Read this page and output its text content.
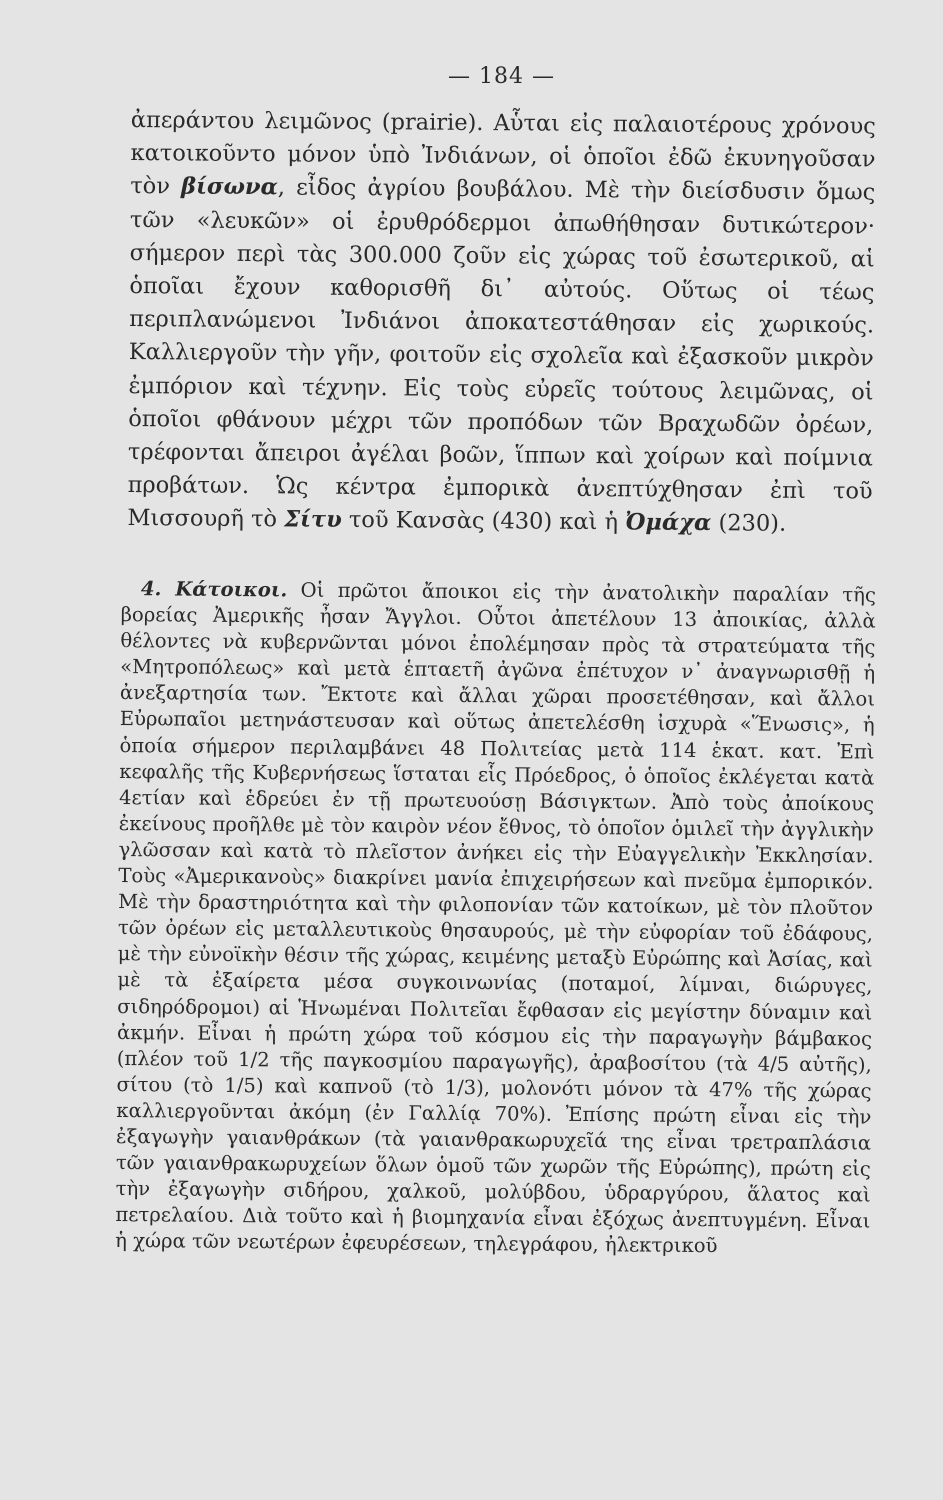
— 184 —
ἀπεράντου λειμῶνος (prairie). Αὗται εἰς παλαιοτέρους χρόνους κατοικοῦντο μόνον ὑπὸ Ἰνδιάνων, οἱ ὁποῖοι ἐδῶ ἐκυνηγοῦσαν τὸν βίσωνα, εἶδος ἀγρίου βουβάλου. Μὲ τὴν διείσδυσιν ὅμως τῶν «λευκῶν» οἱ ἐρυθρόδερμοι ἀπωθήθησαν δυτικώτερον· σήμερον περὶ τὰς 300.000 ζοῦν εἰς χώρας τοῦ ἐσωτερικοῦ, αἱ ὁποῖαι ἔχουν καθορισθῆ δι᾽ αὐτούς. Οὕτως οἱ τέως περιπλανώμενοι Ἰνδιάνοι ἀποκατεστάθησαν εἰς χωρικούς. Καλλιεργοῦν τὴν γῆν, φοιτοῦν εἰς σχολεῖα καὶ ἐξασκοῦν μικρὸν ἐμπόριον καὶ τέχνην. Εἰς τοὺς εὐρεῖς τούτους λειμῶνας, οἱ ὁποῖοι φθάνουν μέχρι τῶν προπόδων τῶν Βραχωδῶν ὀρέων, τρέφονται ἄπειροι ἀγέλαι βοῶν, ἵππων καὶ χοίρων καὶ ποίμνια προβάτων. Ὡς κέντρα ἐμπορικὰ ἀνεπτύχθησαν ἐπὶ τοῦ Μισσουρῆ τὸ Σίτυ τοῦ Κανσὰς (430) καὶ ἡ Ὀμάχα (230).
4. Κάτοικοι. Οἱ πρῶτοι ἄποικοι εἰς τὴν ἀνατολικὴν παραλίαν τῆς βορείας Ἀμερικῆς ἦσαν Ἄγγλοι. Οὗτοι ἀπετέλουν 13 ἀποικίας, ἀλλὰ θέλοντες νὰ κυβερνῶνται μόνοι ἐπολέμησαν πρὸς τὰ στρατεύματα τῆς «Μητροπόλεως» καὶ μετὰ ἑπταετῆ ἀγῶνα ἐπέτυχον ν᾽ ἀναγνωρισθῇ ἡ ἀνεξαρτησία των. Ἔκτοτε καὶ ἄλλαι χῶραι προσετέθησαν, καὶ ἄλλοι Εὐρωπαῖοι μετηνάστευσαν καὶ οὕτως ἀπετελέσθη ἰσχυρὰ «Ἕνωσις», ἡ ὁποία σήμερον περιλαμβάνει 48 Πολιτείας μετὰ 114 ἑκατ. κατ. Ἐπὶ κεφαλῆς τῆς Κυβερνήσεως ἵσταται εἷς Πρόεδρος, ὁ ὁποῖος ἐκλέγεται κατὰ 4ετίαν καὶ ἑδρεύει ἐν τῇ πρωτευούσῃ Βάσιγκτων. Ἀπὸ τοὺς ἀποίκους ἐκείνους προῆλθε μὲ τὸν καιρὸν νέον ἔθνος, τὸ ὁποῖον ὁμιλεῖ τὴν ἀγγλικὴν γλῶσσαν καὶ κατὰ τὸ πλεῖστον ἀνήκει εἰς τὴν Εὐαγγελικὴν Ἐκκλησίαν. Τοὺς «Ἀμερικανοὺς» διακρίνει μανία ἐπιχειρήσεων καὶ πνεῦμα ἐμπορικόν. Μὲ τὴν δραστηριότητα καὶ τὴν φιλοπονίαν τῶν κατοίκων, μὲ τὸν πλοῦτον τῶν ὀρέων εἰς μεταλλευτικοὺς θησαυρούς, μὲ τὴν εὐφορίαν τοῦ ἐδάφους, μὲ τὴν εὐνοϊκὴν θέσιν τῆς χώρας, κειμένης μεταξὺ Εὐρώπης καὶ Ἀσίας, καὶ μὲ τὰ ἐξαίρετα μέσα συγκοινωνίας (ποταμοί, λίμναι, διώρυγες, σιδηρόδρομοι) αἱ Ἡνωμέναι Πολιτεῖαι ἔφθασαν εἰς μεγίστην δύναμιν καὶ ἀκμήν. Εἶναι ἡ πρώτη χώρα τοῦ κόσμου εἰς τὴν παραγωγὴν βάμβακος (πλέον τοῦ 1/2 τῆς παγκοσμίου παραγωγῆς), ἀραβοσίτου (τὰ 4/5 αὐτῆς), σίτου (τὸ 1/5) καὶ καπνοῦ (τὸ 1/3), μολονότι μόνον τὰ 47% τῆς χώρας καλλιεργοῦνται ἀκόμη (ἐν Γαλλίᾳ 70%). Ἐπίσης πρώτη εἶναι εἰς τὴν ἐξαγωγὴν γαιανθράκων (τὰ γαιανθρακωρυχεῖά της εἶναι τρετραπλάσια τῶν γαιανθρακωρυχείων ὅλων ὁμοῦ τῶν χωρῶν τῆς Εὐρώπης), πρώτη εἰς τὴν ἐξαγωγὴν σιδήρου, χαλκοῦ, μολύβδου, ὑδραργύρου, ἅλατος καὶ πετρελαίου. Διὰ τοῦτο καὶ ἡ βιομηχανία εἶναι ἐξόχως ἀνεπτυγμένη. Εἶναι ἡ χώρα τῶν νεωτέρων ἐφευρέσεων, τηλεγράφου, ἠλεκτρικοῦ
